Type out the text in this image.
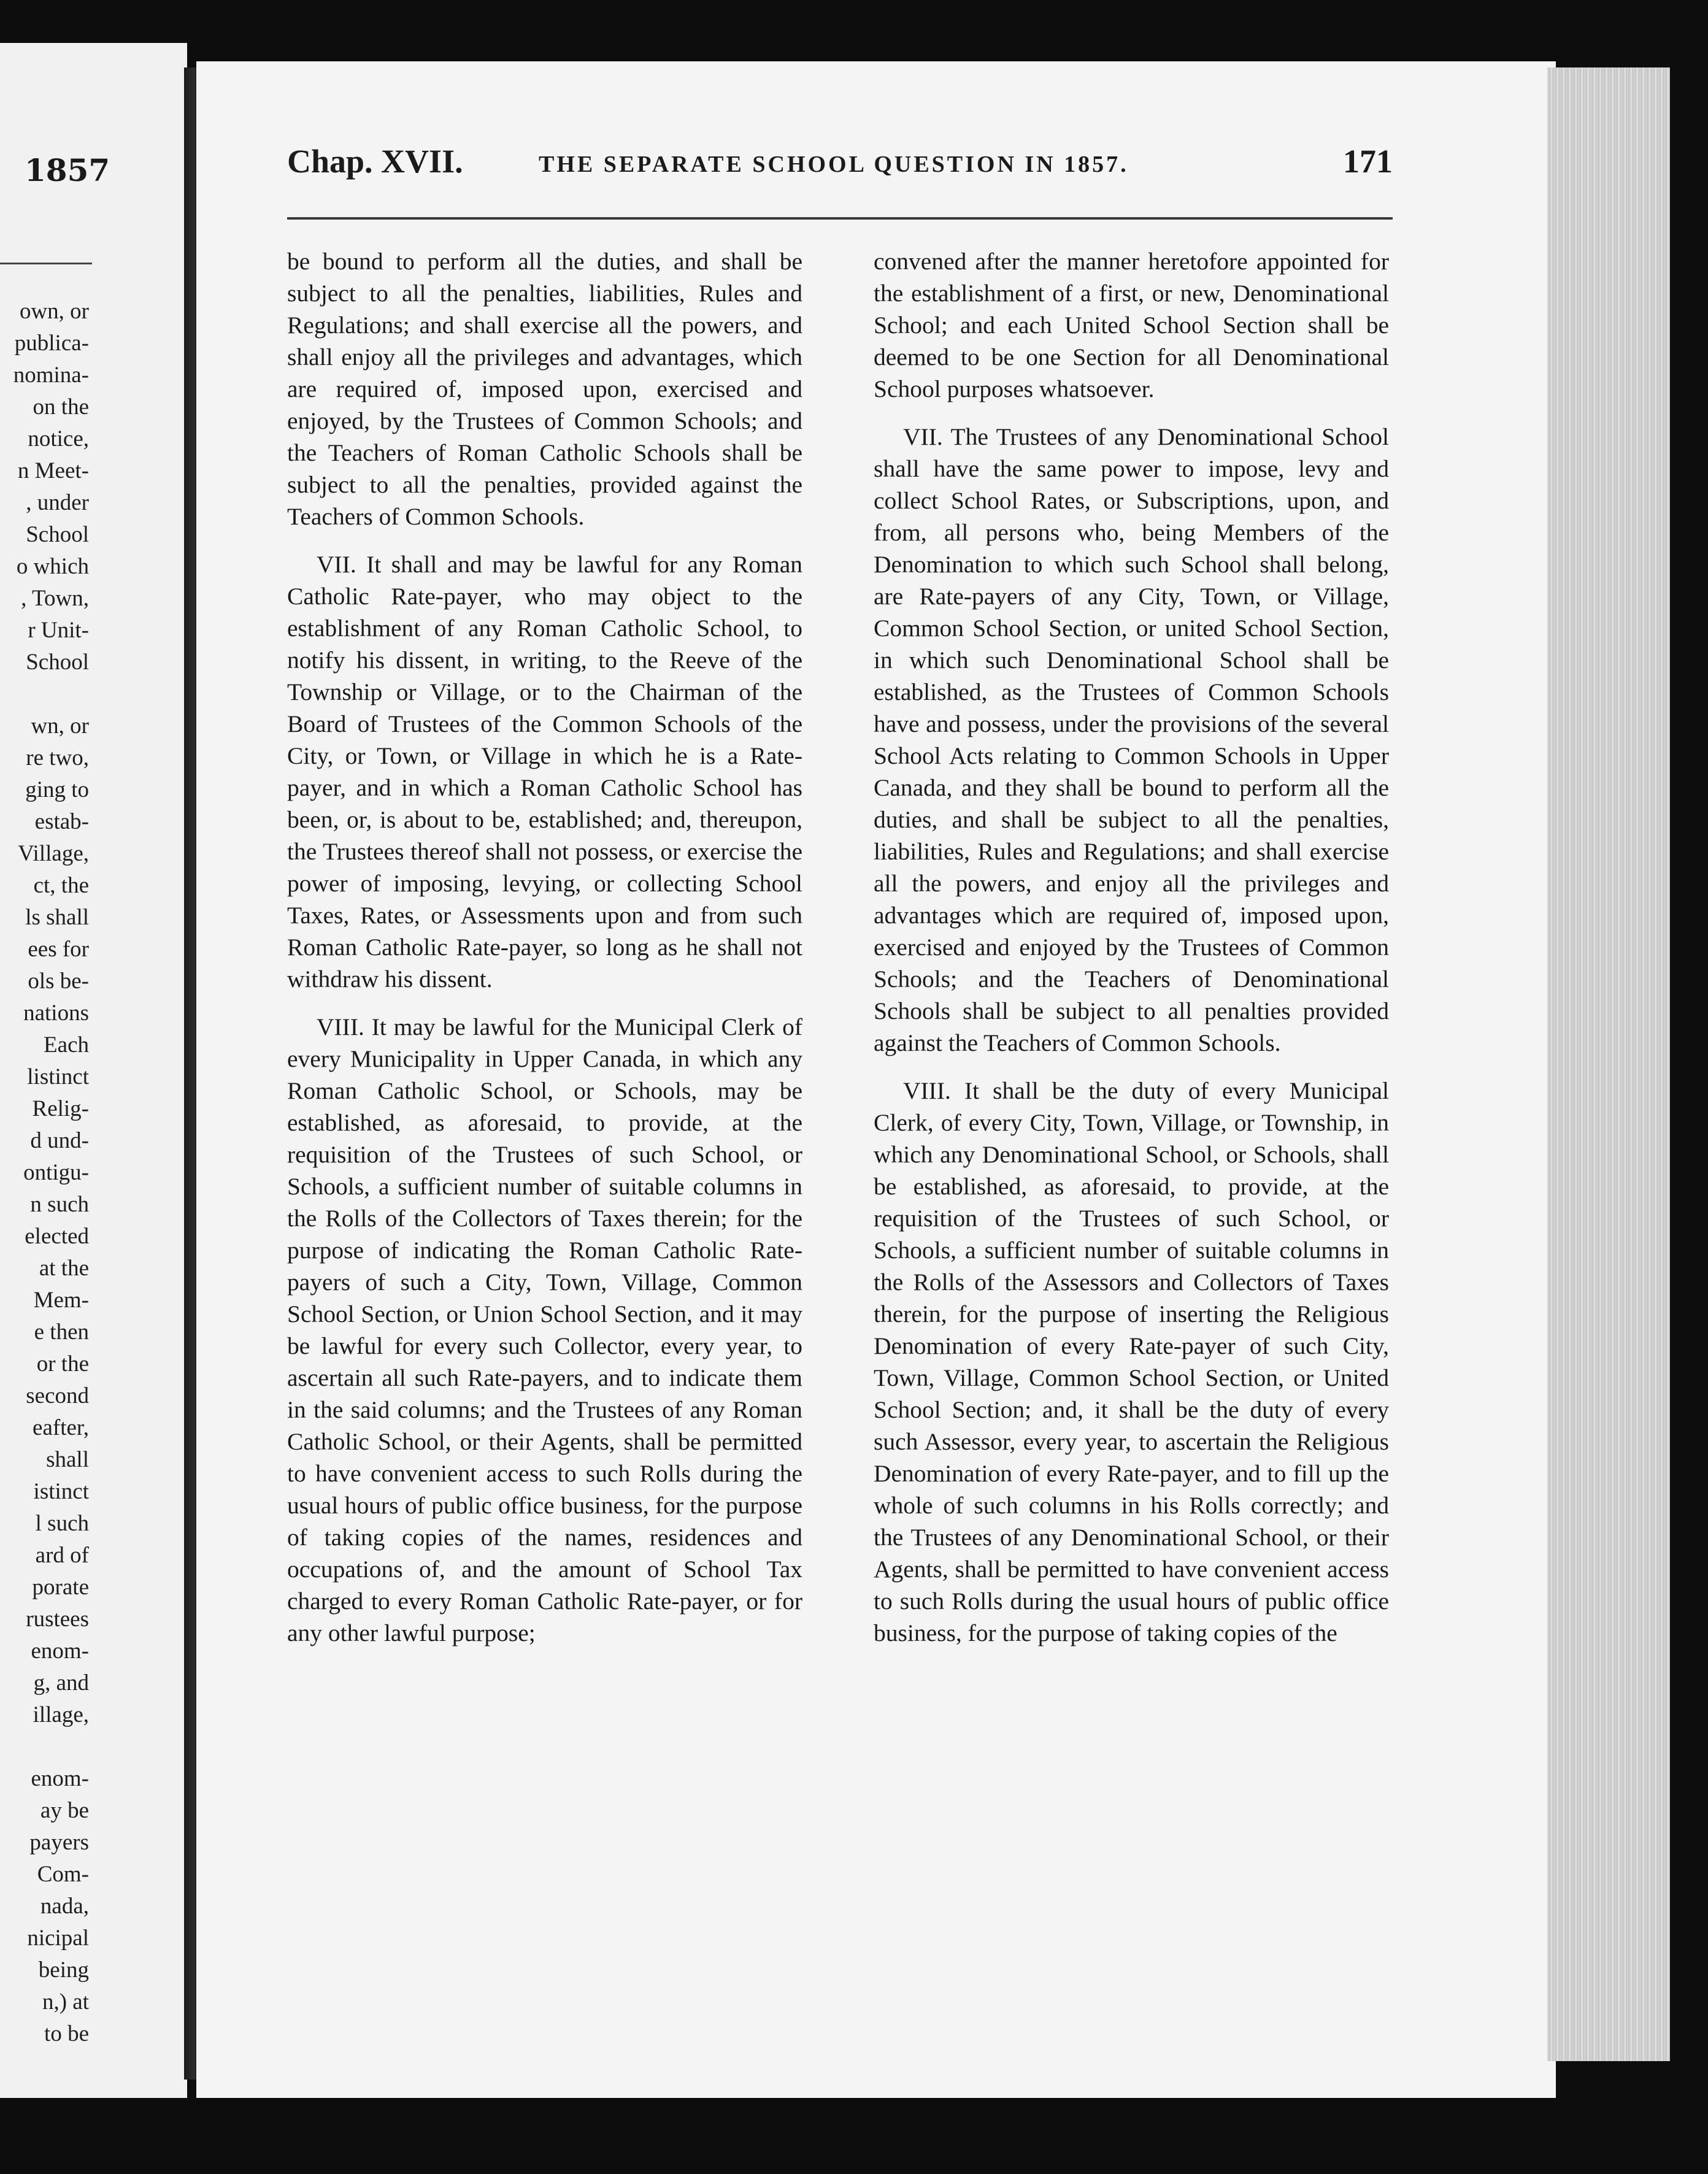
1857
own, or
publica-
nomina-
on the
notice,
n Meet-
, under
School
o which
, Town,
r Unit-
School
wn, or
re two,
ging to
estab-
Village,
ct, the
ls shall
ees for
ols be-
nations
Each
listinct
Relig-
d und-
ontigu-
n such
elected
at the
Mem-
e then
or the
second
eafter,
shall
istinct
l such
ard of
porate
rustees
enom-
g, and
illage,
enom-
ay be
payers
Com-
nada,
nicipal
being
n,) at
to be
Chap. XVII.	THE SEPARATE SCHOOL QUESTION IN 1857.	171

be bound to perform all the duties, and shall be subject to all the penalties, liabilities, Rules and Regulations; and shall exercise all the powers, and shall enjoy all the privileges and advantages, which are required of, imposed upon, exercised and enjoyed, by the Trustees of Common Schools; and the Teachers of Roman Catholic Schools shall be subject to all the penalties, provided against the Teachers of Common Schools.

VII. It shall and may be lawful for any Roman Catholic Rate-payer, who may object to the establishment of any Roman Catholic School, to notify his dissent, in writing, to the Reeve of the Township or Village, or to the Chairman of the Board of Trustees of the Common Schools of the City, or Town, or Village in which he is a Rate-payer, and in which a Roman Catholic School has been, or, is about to be, established; and, thereupon, the Trustees thereof shall not possess, or exercise the power of imposing, levying, or collecting School Taxes, Rates, or Assessments upon and from such Roman Catholic Rate-payer, so long as he shall not withdraw his dissent.

VIII. It may be lawful for the Municipal Clerk of every Municipality in Upper Canada, in which any Roman Catholic School, or Schools, may be established, as aforesaid, to provide, at the requisition of the Trustees of such School, or Schools, a sufficient number of suitable columns in the Rolls of the Collectors of Taxes therein; for the purpose of indicating the Roman Catholic Rate-payers of such a City, Town, Village, Common School Section, or Union School Section, and it may be lawful for every such Collector, every year, to ascertain all such Rate-payers, and to indicate them in the said columns; and the Trustees of any Roman Catholic School, or their Agents, shall be permitted to have convenient access to such Rolls during the usual hours of public office business, for the purpose of taking copies of the names, residences and occupations of, and the amount of School Tax charged to every Roman Catholic Rate-payer, or for any other lawful purpose;

convened after the manner heretofore appointed for the establishment of a first, or new, Denominational School; and each United School Section shall be deemed to be one Section for all Denominational School purposes whatsoever.

VII. The Trustees of any Denominational School shall have the same power to impose, levy and collect School Rates, or Subscriptions, upon, and from, all persons who, being Members of the Denomination to which such School shall belong, are Rate-payers of any City, Town, or Village, Common School Section, or united School Section, in which such Denominational School shall be established, as the Trustees of Common Schools have and possess, under the provisions of the several School Acts relating to Common Schools in Upper Canada, and they shall be bound to perform all the duties, and shall be subject to all the penalties, liabilities, Rules and Regulations; and shall exercise all the powers, and enjoy all the privileges and advantages which are required of, imposed upon, exercised and enjoyed by the Trustees of Common Schools; and the Teachers of Denominational Schools shall be subject to all penalties provided against the Teachers of Common Schools.

VIII. It shall be the duty of every Municipal Clerk, of every City, Town, Village, or Township, in which any Denominational School, or Schools, shall be established, as aforesaid, to provide, at the requisition of the Trustees of such School, or Schools, a sufficient number of suitable columns in the Rolls of the Assessors and Collectors of Taxes therein, for the purpose of inserting the Religious Denomination of every Rate-payer of such City, Town, Village, Common School Section, or United School Section; and, it shall be the duty of every such Assessor, every year, to ascertain the Religious Denomination of every Rate-payer, and to fill up the whole of such columns in his Rolls correctly; and the Trustees of any Denominational School, or their Agents, shall be permitted to have convenient access to such Rolls during the usual hours of public office business, for the purpose of taking copies of the
